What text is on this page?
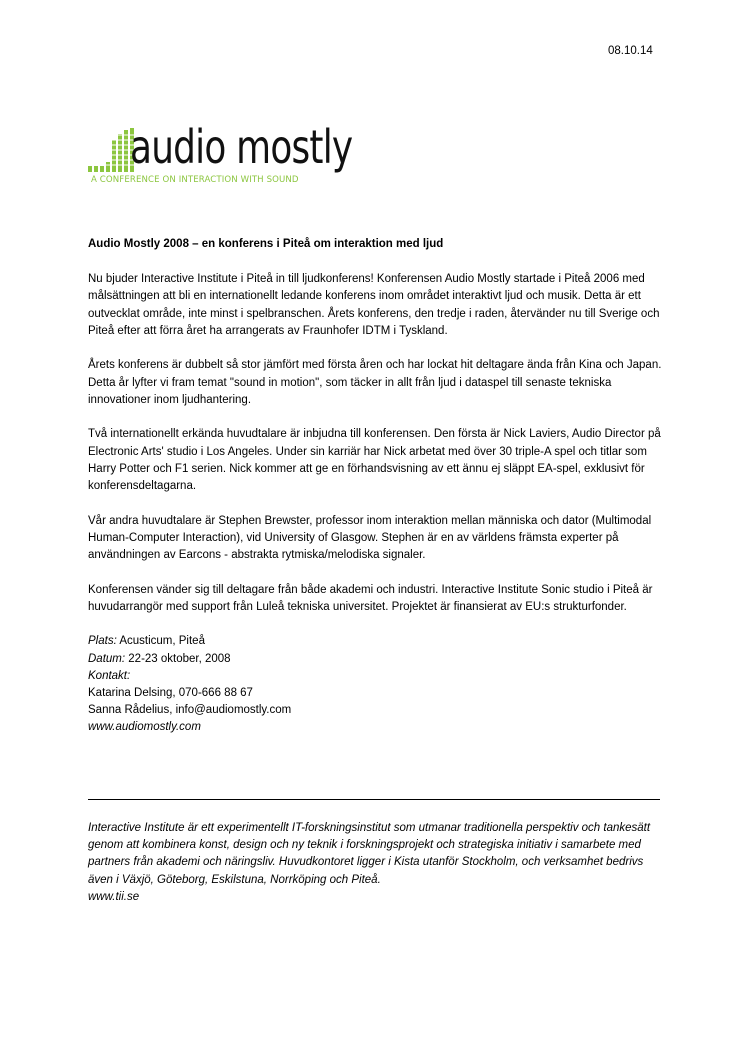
08.10.14
audio mostly
A CONFERENCE ON INTERACTION WITH SOUND
Audio Mostly 2008 – en konferens i Piteå om interaktion med ljud

Nu bjuder Interactive Institute i Piteå in till ljudkonferens! Konferensen Audio Mostly startade i Piteå 2006 med målsättningen att bli en internationellt ledande konferens inom området interaktivt ljud och musik. Detta är ett outvecklat område, inte minst i spelbranschen. Årets konferens, den tredje i raden, återvänder nu till Sverige och Piteå efter att förra året ha arrangerats av Fraunhofer IDTM i Tyskland.

Årets konferens är dubbelt så stor jämfört med första åren och har lockat hit deltagare ända från Kina och Japan. Detta år lyfter vi fram temat "sound in motion", som täcker in allt från ljud i dataspel till senaste tekniska innovationer inom ljudhantering.

Två internationellt erkända huvudtalare är inbjudna till konferensen. Den första är Nick Laviers, Audio Director på Electronic Arts' studio i Los Angeles. Under sin karriär har Nick arbetat med över 30 triple-A spel och titlar som Harry Potter och F1 serien. Nick kommer att ge en förhandsvisning av ett ännu ej släppt EA-spel, exklusivt för konferensdeltagarna.

Vår andra huvudtalare är Stephen Brewster, professor inom interaktion mellan människa och dator (Multimodal Human-Computer Interaction), vid University of Glasgow. Stephen är en av världens främsta experter på användningen av Earcons - abstrakta rytmiska/melodiska signaler.

Konferensen vänder sig till deltagare från både akademi och industri. Interactive Institute Sonic studio i Piteå är huvudarrangör med support från Luleå tekniska universitet. Projektet är finansierat av EU:s strukturfonder.

Plats: Acusticum, Piteå
Datum: 22-23 oktober, 2008
Kontakt:
Katarina Delsing, 070-666 88 67
Sanna Rådelius, info@audiomostly.com
www.audiomostly.com
Interactive Institute är ett experimentellt IT-forskningsinstitut som utmanar traditionella perspektiv och tankesätt genom att kombinera konst, design och ny teknik i forskningsprojekt och strategiska initiativ i samarbete med partners från akademi och näringsliv. Huvudkontoret ligger i Kista utanför Stockholm, och verksamhet bedrivs även i Växjö, Göteborg, Eskilstuna, Norrköping och Piteå.
www.tii.se
